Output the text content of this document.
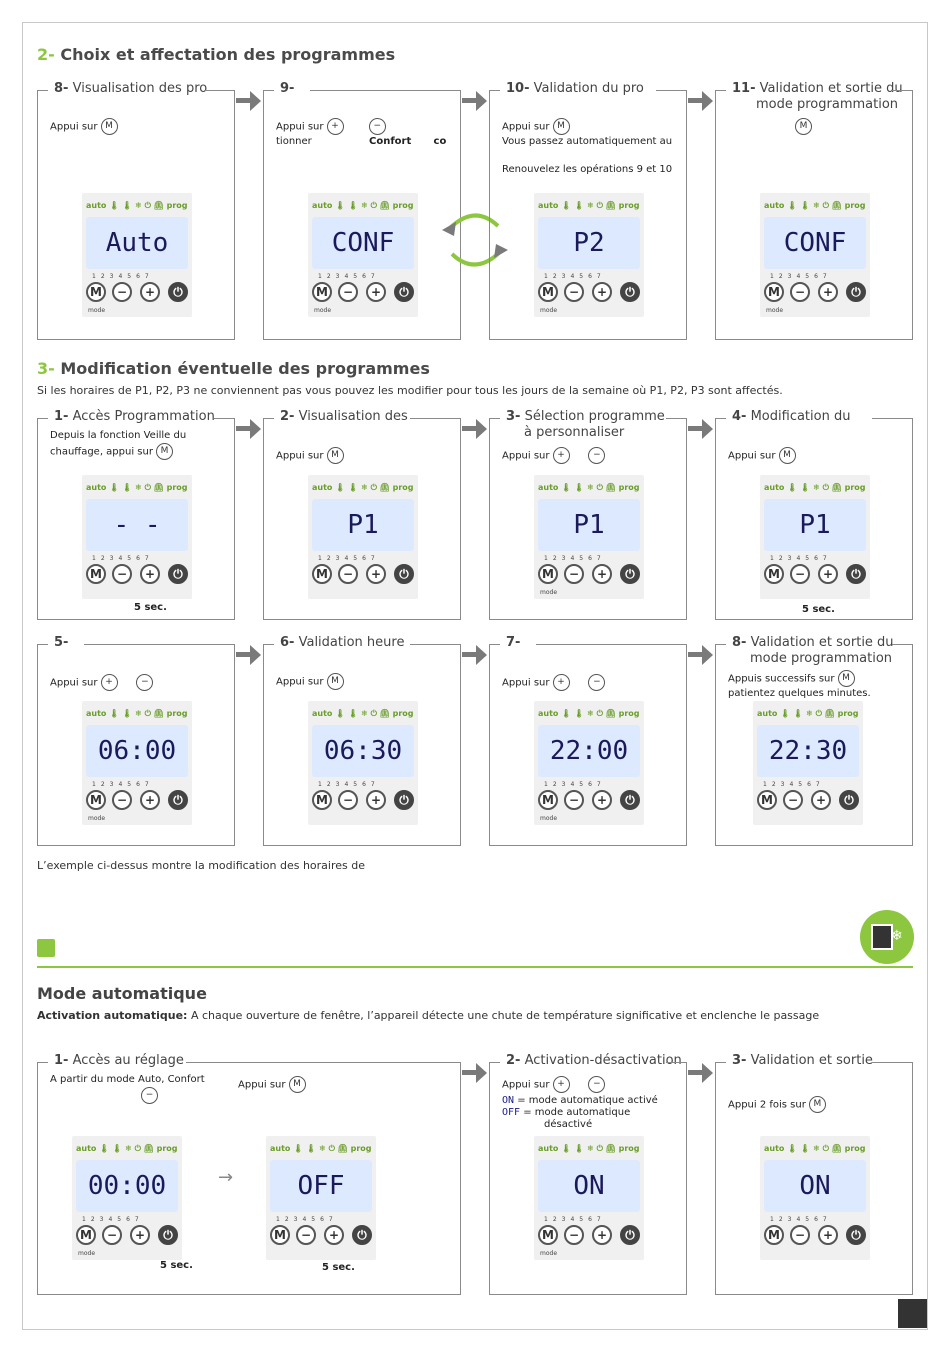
2- Choix et affectation des programmes
8- Visualisation des pro
Appui sur M
auto 🌡 🌡 ❄ ⏻ ⏲ prog
Auto
1234567
M	−	+	⏻
mode
9-
Appui sur +	−
tionner	Confort co
auto 🌡 🌡 ❄ ⏻ ⏲ prog
CONF
1234567
M	−	+	⏻
mode
10- Validation du pro
Appui sur M
Vous passez automatiquement au

Renouvelez les opérations 9 et 10
auto 🌡 🌡 ❄ ⏻ ⏲ prog
P2
1234567
M	−	+	⏻
mode
11- Validation et sortie du
mode programmation
M
auto 🌡 🌡 ❄ ⏻ ⏲ prog
CONF
1234567
M	−	+	⏻
mode
3- Modification éventuelle des programmes
Si les horaires de P1, P2, P3 ne conviennent pas vous pouvez les modifier pour tous les jours de la semaine où P1, P2, P3 sont affectés.
1- Accès Programmation
Depuis la fonction Veille du
chauffage, appui sur M
auto 🌡 🌡 ❄ ⏻ ⏲ prog
- -
1234567
M	−	+	⏻
5 sec.
2- Visualisation des
Appui sur M
auto 🌡 🌡 ❄ ⏻ ⏲ prog
P1
1234567
M	−	+	⏻
3- Sélection programme
à personnaliser
Appui sur +	−
auto 🌡 🌡 ❄ ⏻ ⏲ prog
P1
1234567
M	−	+	⏻
mode
4- Modification du
Appui sur M
auto 🌡 🌡 ❄ ⏻ ⏲ prog
P1
1234567
M	−	+	⏻
5 sec.
5-
Appui sur +	−
auto 🌡 🌡 ❄ ⏻ ⏲ prog
06:00
1234567
M	−	+	⏻
mode
6- Validation heure
Appui sur M
auto 🌡 🌡 ❄ ⏻ ⏲ prog
06:30
1234567
M	−	+	⏻
7-
Appui sur +	−
auto 🌡 🌡 ❄ ⏻ ⏲ prog
22:00
1234567
M	−	+	⏻
mode
8- Validation et sortie du
mode programmation
Appuis successifs sur M
patientez quelques minutes.
auto 🌡 🌡 ❄ ⏻ ⏲ prog
22:30
1234567
M	−	+	⏻
L’exemple ci-dessus montre la modification des horaires de
❄
Mode automatique
Activation automatique: A chaque ouverture de fenêtre, l’appareil détecte une chute de température significative et enclenche le passage
1- Accès au réglage
A partir du mode Auto, Confort
−
Appui sur M
auto 🌡 🌡 ❄ ⏻ ⏲ prog
00:00
1234567
M	−	+	⏻
mode
→
auto 🌡 🌡 ❄ ⏻ ⏲ prog
OFF
1234567
M	−	+	⏻
5 sec.	5 sec.
2- Activation-désactivation
Appui sur +	−
ON = mode automatique activé
OFF = mode automatique
désactivé
auto 🌡 🌡 ❄ ⏻ ⏲ prog
ON
1234567
M	−	+	⏻
mode
3- Validation et sortie
Appui 2 fois sur M
auto 🌡 🌡 ❄ ⏻ ⏲ prog
ON
1234567
M	−	+	⏻
